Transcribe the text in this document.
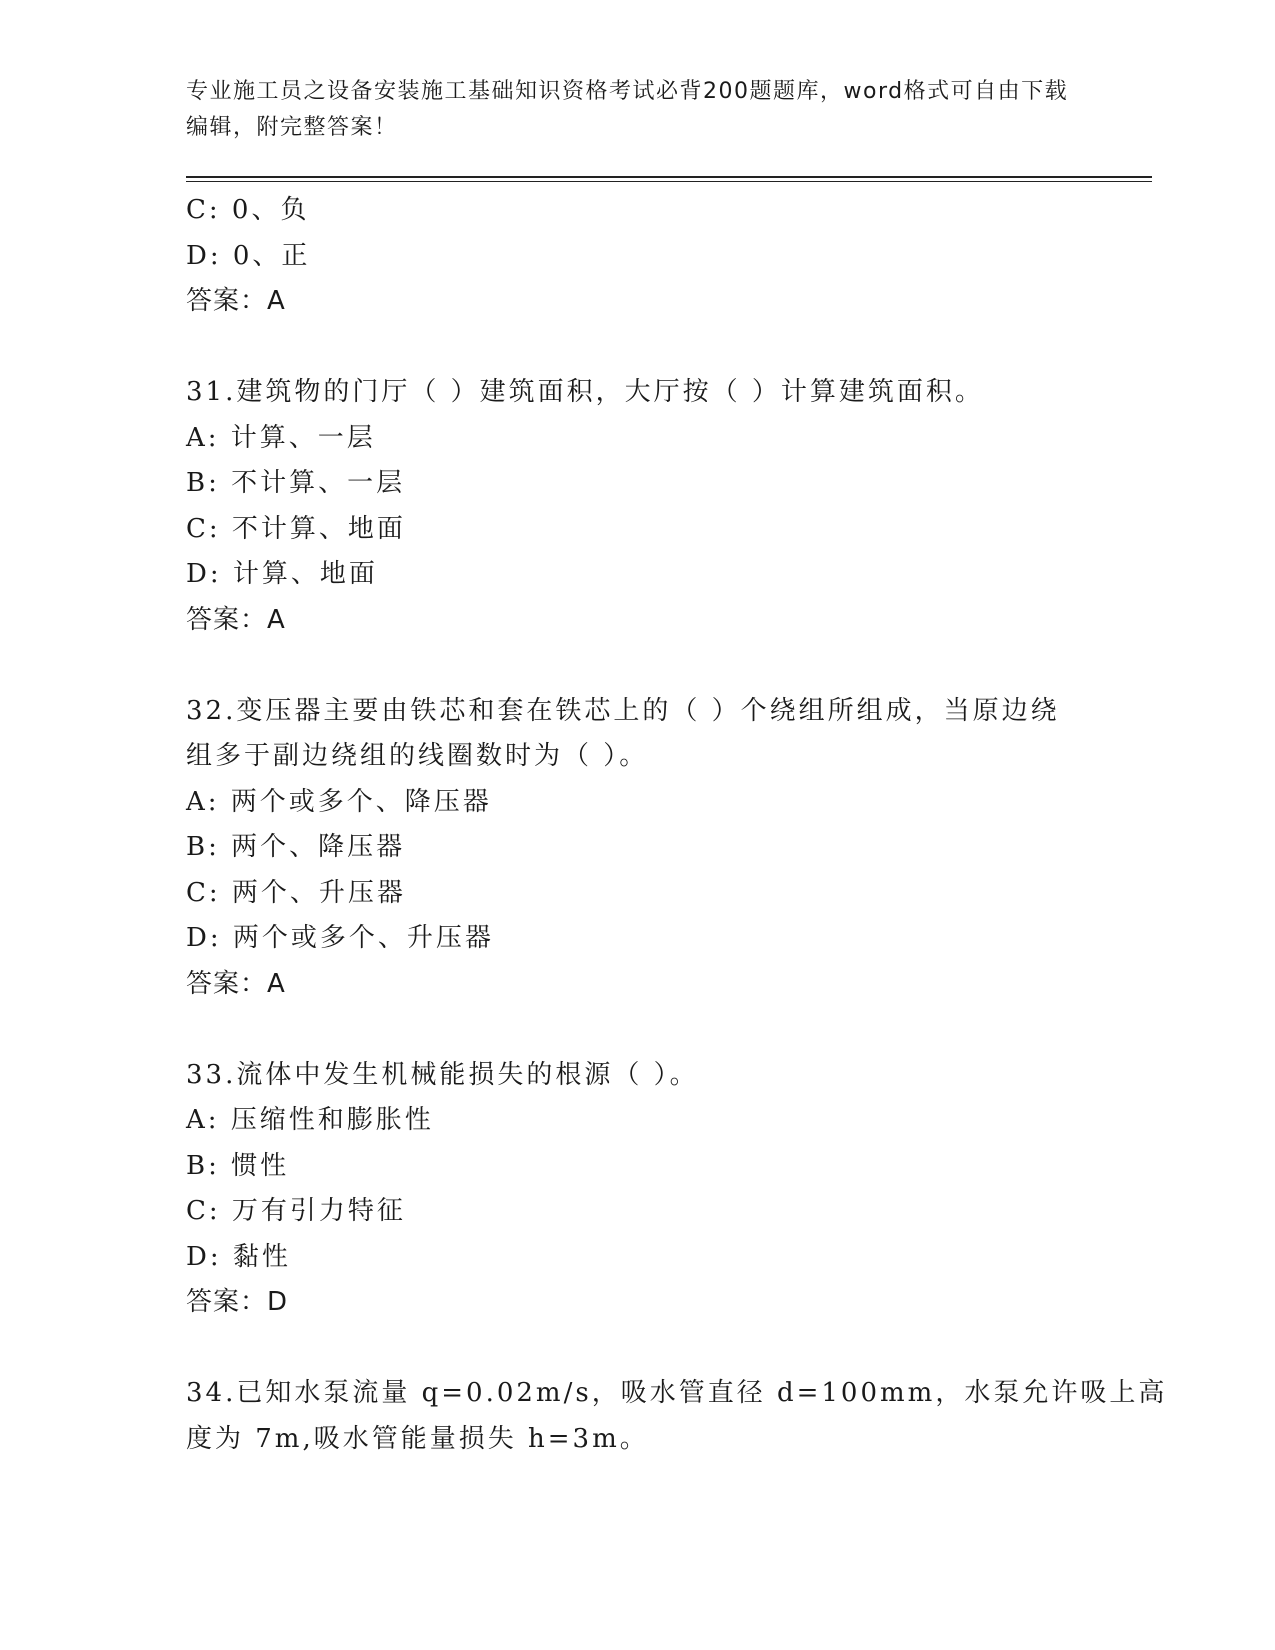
专业施工员之设备安装施工基础知识资格考试必背200题题库，word格式可自由下载编辑，附完整答案！
C: 0、负
D: 0、正
答案：A
31.建筑物的门厅（ ）建筑面积，大厅按（ ）计算建筑面积。
A: 计算、一层
B: 不计算、一层
C: 不计算、地面
D: 计算、地面
答案：A
32.变压器主要由铁芯和套在铁芯上的（ ）个绕组所组成，当原边绕
组多于副边绕组的线圈数时为（ ）。
A: 两个或多个、降压器
B: 两个、降压器
C: 两个、升压器
D: 两个或多个、升压器
答案：A
33.流体中发生机械能损失的根源（ ）。
A: 压缩性和膨胀性
B: 惯性
C: 万有引力特征
D: 黏性
答案：D
34.已知水泵流量 q=0.02m/s，吸水管直径 d=100mm，水泵允许吸上高
度为 7m,吸水管能量损失 h=3m。
